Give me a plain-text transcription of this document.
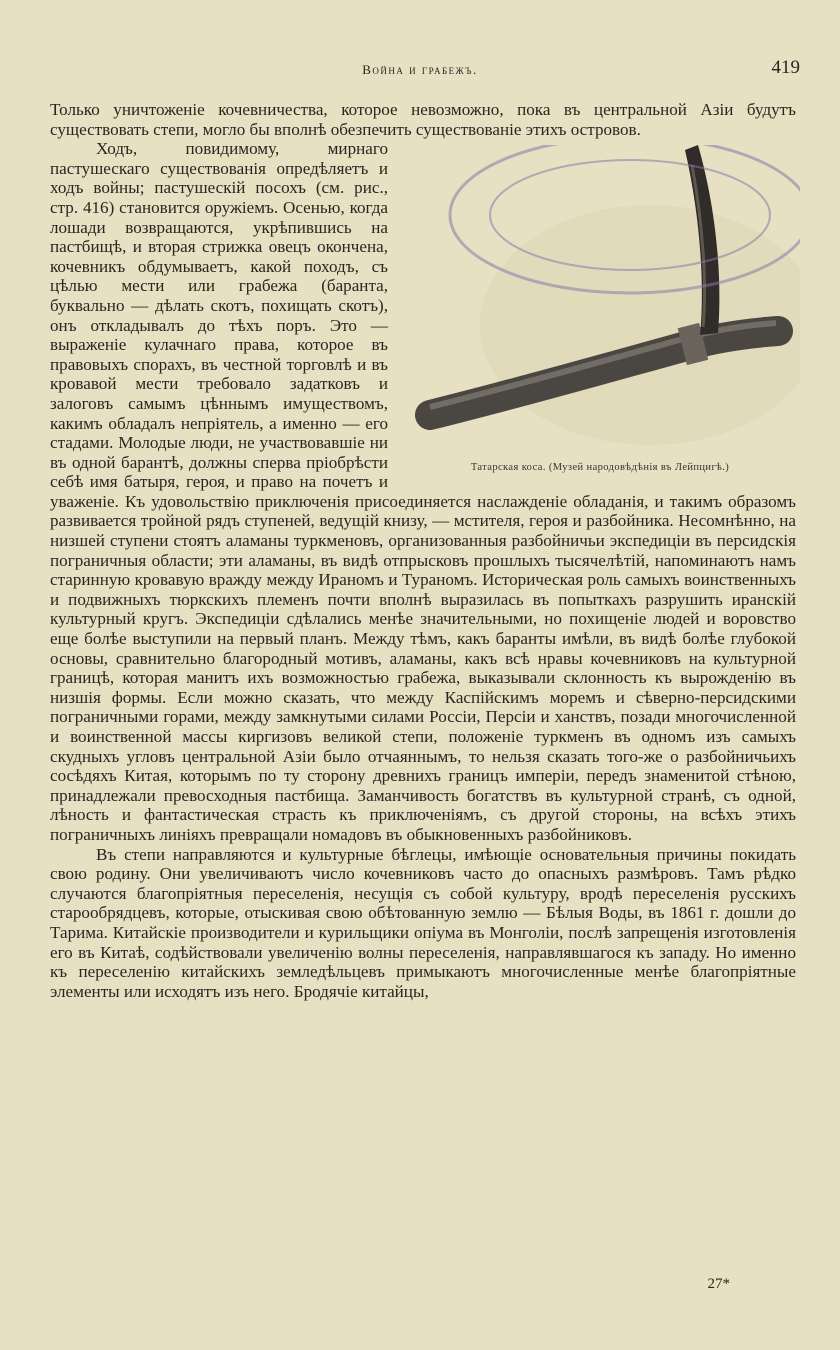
Война и грабежъ.	419

Только уничтоженіе кочевничества, которое невозможно, пока въ центральной Азіи будутъ существовать степи, могло бы вполнѣ обезпечить существованіе этихъ островов.

Татарская коса. (Музей народовѣдѣнія въ Лейпцигѣ.)

Ходъ, повидимому, мирнаго пастушескаго существованія опредѣляетъ и ходъ войны; пастушескій посохъ (см. рис., стр. 416) становится оружіемъ. Осенью, когда лошади возвращаются, укрѣпившись на пастбищѣ, и вторая стрижка овецъ окончена, кочевникъ обдумываетъ, какой походъ, съ цѣлью мести или грабежа (баранта, буквально — дѣлать скотъ, похищать скотъ), онъ откладывалъ до тѣхъ поръ. Это — выраженіе кулачнаго права, которое въ правовыхъ спорахъ, въ честной торговлѣ и въ кровавой мести требовало задатковъ и залоговъ самымъ цѣннымъ имуществомъ, какимъ обладалъ непріятель, а именно — его стадами. Молодые люди, не участвовавшіе ни въ одной барантѣ, должны сперва пріобрѣсти себѣ имя батыря, героя, и право на почетъ и уваженіе. Къ удовольствію приключенія присоединяется наслажденіе обладанія, и такимъ образомъ развивается тройной рядъ ступеней, ведущій книзу, — мстителя, героя и разбойника. Несомнѣнно, на низшей ступени стоятъ аламаны туркменовъ, организованныя разбойничьи экспедиціи въ персидскія пограничныя области; эти аламаны, въ видѣ отпрысковъ прошлыхъ тысячелѣтій, напоминаютъ намъ старинную кровавую вражду между Ираномъ и Тураномъ. Историческая роль самыхъ воинственныхъ и подвижныхъ тюркскихъ племенъ почти вполнѣ выразилась въ попыткахъ разрушить иранскій культурный кругъ. Экспедиціи сдѣлались менѣе значительными, но похищеніе людей и воровство еще болѣе выступили на первый планъ. Между тѣмъ, какъ баранты имѣли, въ видѣ болѣе глубокой основы, сравнительно благородный мотивъ, аламаны, какъ всѣ нравы кочевниковъ на культурной границѣ, которая манитъ ихъ возможностью грабежа, выказывали склонность къ вырожденію въ низшія формы. Если можно сказать, что между Каспійскимъ моремъ и сѣверно-персидскими пограничными горами, между замкнутыми силами Россіи, Персіи и ханствъ, позади многочисленной и воинственной массы киргизовъ великой степи, положеніе туркменъ въ одномъ изъ самыхъ скудныхъ угловъ центральной Азіи было отчаяннымъ, то нельзя сказать того-же о разбойничьихъ сосѣдяхъ Китая, которымъ по ту сторону древнихъ границъ имперіи, передъ знаменитой стѣною, принадлежали превосходныя пастбища. Заманчивость богатствъ въ культурной странѣ, съ одной, лѣность и фантастическая страсть къ приключеніямъ, съ другой стороны, на всѣхъ этихъ пограничныхъ линіяхъ превращали номадовъ въ обыкновенныхъ разбойниковъ.

Въ степи направляются и культурные бѣглецы, имѣющіе основательныя причины покидать свою родину. Они увеличиваютъ число кочевниковъ часто до опасныхъ размѣровъ. Тамъ рѣдко случаются благопріятныя переселенія, несущія съ собой культуру, вродѣ переселенія русскихъ старообрядцевъ, которые, отыскивая свою обѣтованную землю — Бѣлыя Воды, въ 1861 г. дошли до Тарима. Китайскіе производители и курильщики опіума въ Монголіи, послѣ запрещенія изготовленія его въ Китаѣ, содѣйствовали увеличенію волны переселенія, направлявшагося къ западу. Но именно къ переселенію китайскихъ земледѣльцевъ примыкаютъ многочисленные менѣе благопріятные элементы или исходятъ изъ него. Бродячіе китайцы,

27*
